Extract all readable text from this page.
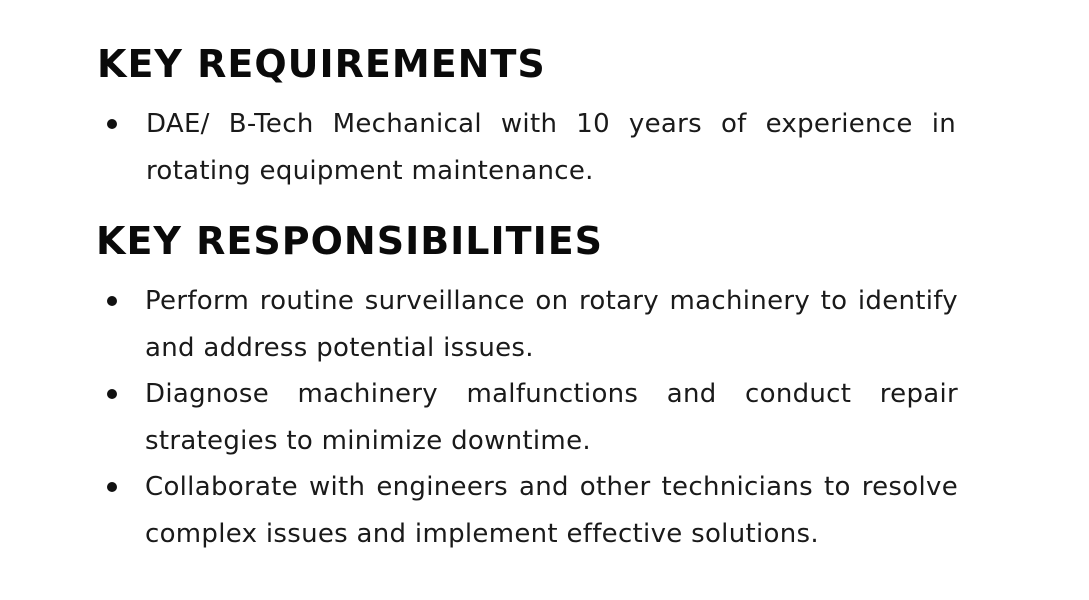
KEY REQUIREMENTS
DAE/ B-Tech Mechanical with 10 years of experience in rotating equipment maintenance.
KEY RESPONSIBILITIES
Perform routine surveillance on rotary machinery to identify and address potential issues.
Diagnose machinery malfunctions and conduct repair strategies to minimize downtime.
Collaborate with engineers and other technicians to resolve complex issues and implement effective solutions.
